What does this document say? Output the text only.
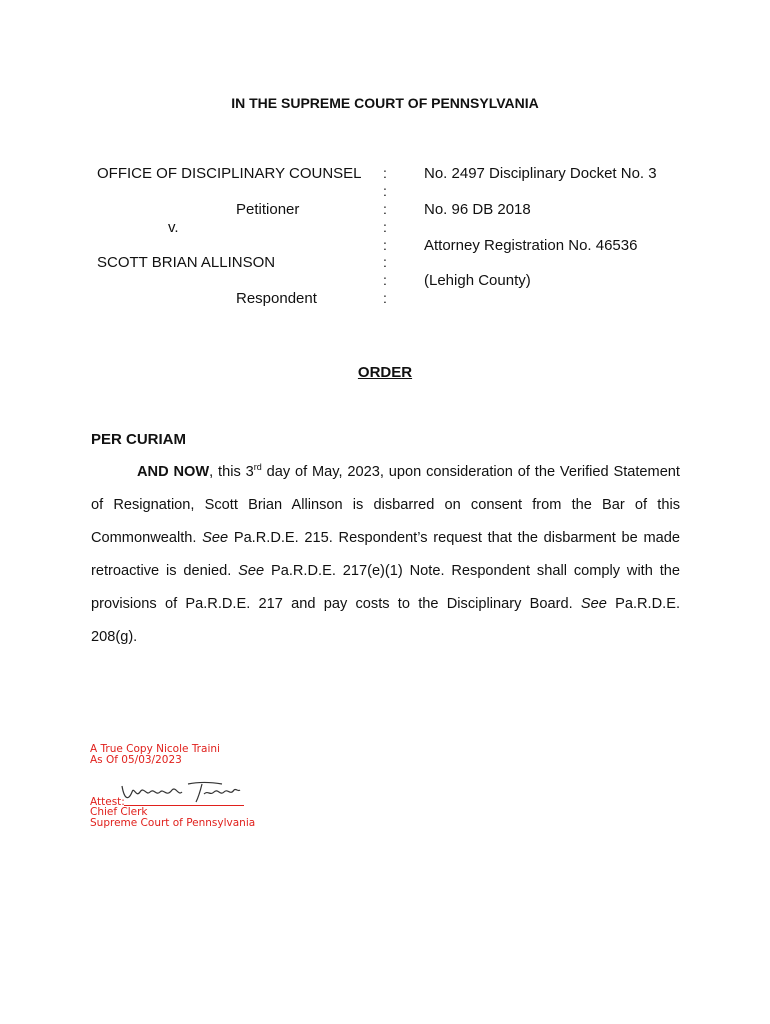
IN THE SUPREME COURT OF PENNSYLVANIA
OFFICE OF DISCIPLINARY COUNSEL
Petitioner
v.
SCOTT BRIAN ALLINSON
Respondent
:
:
:
:
:
:
:
:
No. 2497 Disciplinary Docket No. 3
No. 96 DB 2018
Attorney Registration No. 46536
(Lehigh County)
ORDER
PER CURIAM
AND NOW, this 3rd day of May, 2023, upon consideration of the Verified Statement
of Resignation, Scott Brian Allinson is disbarred on consent from the Bar of this
Commonwealth. See Pa.R.D.E. 215. Respondent’s request that the disbarment be made
retroactive is denied. See Pa.R.D.E. 217(e)(1) Note. Respondent shall comply with the
provisions of Pa.R.D.E. 217 and pay costs to the Disciplinary Board. See Pa.R.D.E.
208(g).
A True Copy Nicole Traini
As Of 05/03/2023
Attest:
Chief Clerk
Supreme Court of Pennsylvania
